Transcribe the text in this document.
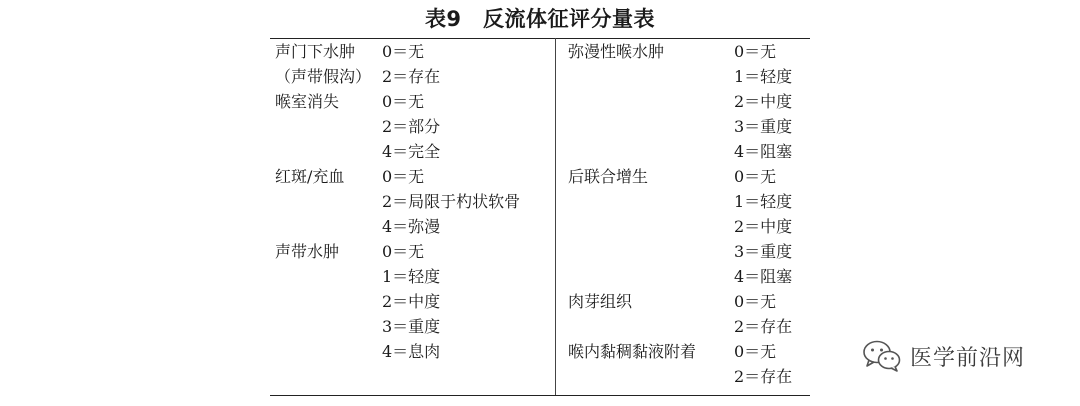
表9　反流体征评分量表
声门下水肿 0＝无
（声带假沟） 2＝存在
喉室消失	0＝无
2＝部分
4＝完全
红斑/充血 0＝无
2＝局限于杓状软骨
4＝弥漫
声带水肿	0＝无
1＝轻度
2＝中度
3＝重度
4＝息肉
弥漫性喉水肿	0＝无
1＝轻度
2＝中度
3＝重度
4＝阻塞
后联合增生	0＝无
1＝轻度
2＝中度
3＝重度
4＝阻塞
肉芽组织	0＝无
2＝存在
喉内黏稠黏液附着 0＝无
2＝存在
医学前沿网
